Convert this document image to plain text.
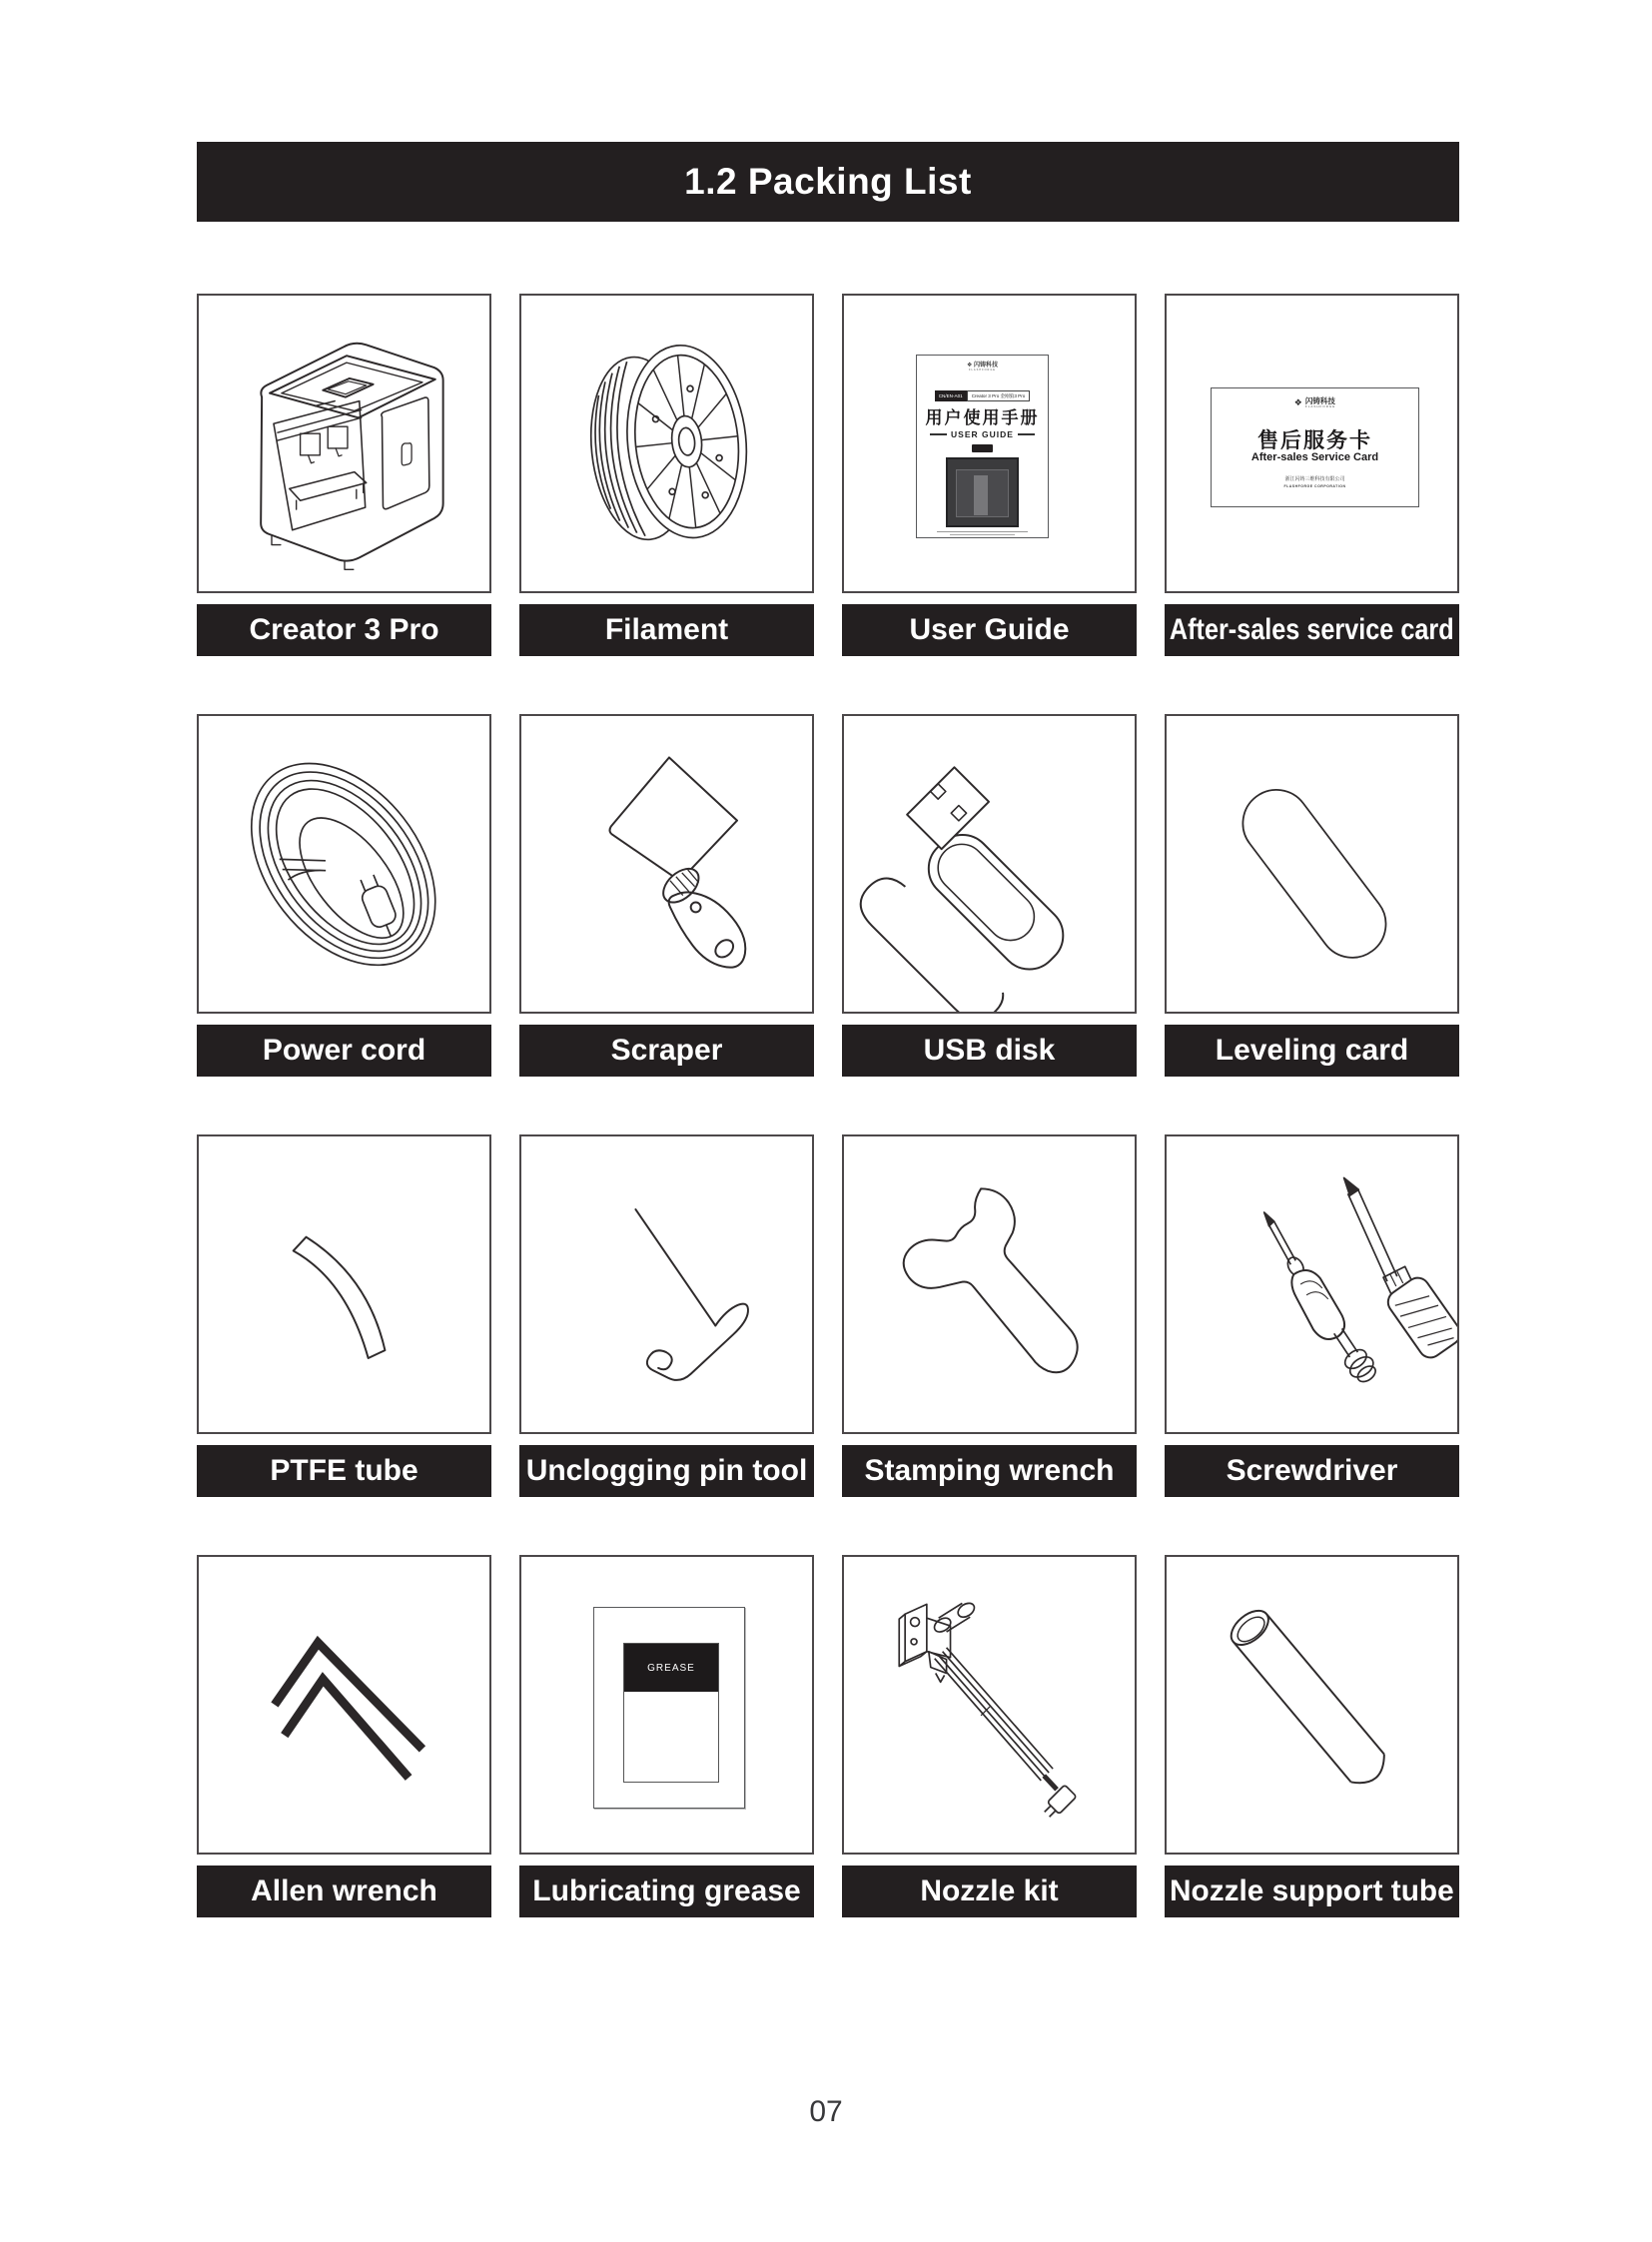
1.2 Packing List
Creator 3 Pro	Filament
❖ 闪铸科技
FLASHFORGE
CN/EN-A01	Creator 3 Pro 金刚狼3 Pro
用户使用手册
USER GUIDE
User Guide
❖ 闪铸科技
FLASHFORGE
售后服务卡
After-sales Service Card
浙江闪铸三维科技有限公司
FLASHFORGE CORPORATION
After-sales service card
Power cord	Scraper	USB disk	Leveling card
PTFE tube	Unclogging pin tool Stamping wrench	Screwdriver
Allen wrench
GREASE
Lubricating grease	Nozzle kit	Nozzle support tube
07
